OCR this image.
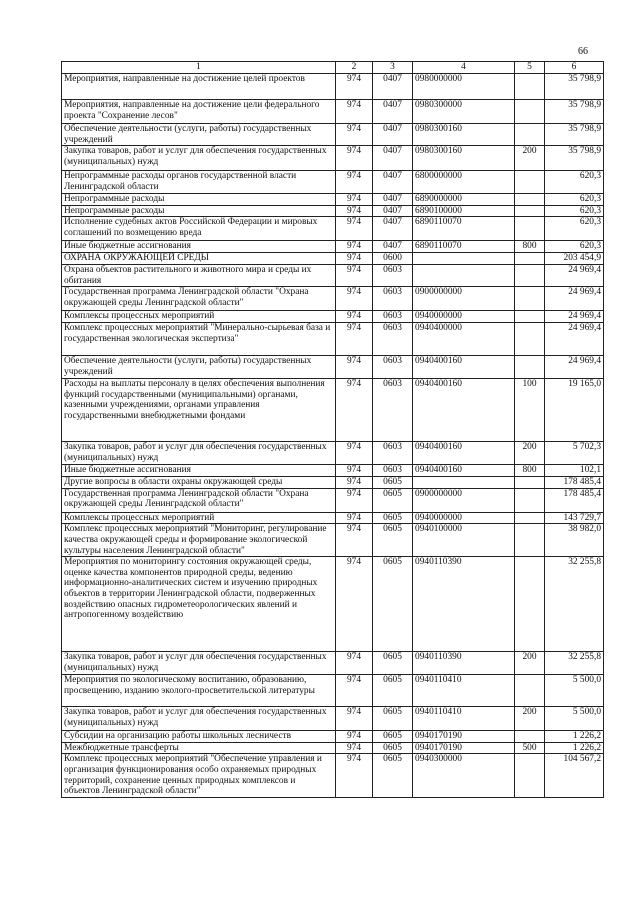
66
1	2	3	4	5	6
Мероприятия, направленные на достижение целей проектов	974	0407	0980000000		35 798,9
Мероприятия, направленные на достижение цели федерального проекта "Сохранение лесов"	974	0407	0980300000		35 798,9
Обеспечение деятельности (услуги, работы) государственных учреждений	974	0407	0980300160		35 798,9
Закупка товаров, работ и услуг для обеспечения государственных (муниципальных) нужд	974	0407	0980300160	200	35 798,9
Непрограммные расходы органов государственной власти Ленинградской области	974	0407	6800000000		620,3
Непрограммные расходы	974	0407	6890000000		620,3
Непрограммные расходы	974	0407	6890100000		620,3
Исполнение судебных актов Российской Федерации и мировых соглашений по возмещению вреда	974	0407	6890110070		620,3
Иные бюджетные ассигнования	974	0407	6890110070	800	620,3
ОХРАНА ОКРУЖАЮЩЕЙ СРЕДЫ	974	0600			203 454,9
Охрана объектов растительного и животного мира и среды их обитания	974	0603			24 969,4
Государственная программа Ленинградской области "Охрана окружающей среды Ленинградской области"	974	0603	0900000000		24 969,4
Комплексы процессных мероприятий	974	0603	0940000000		24 969,4
Комплекс процессных мероприятий "Минерально-сырьевая база и государственная экологическая экспертиза"	974	0603	0940400000		24 969,4
Обеспечение деятельности (услуги, работы) государственных учреждений	974	0603	0940400160		24 969,4
Расходы на выплаты персоналу в целях обеспечения выполнения функций государственными (муниципальными) органами, казенными учреждениями, органами управления государственными внебюджетными фондами	974	0603	0940400160	100	19 165,0
Закупка товаров, работ и услуг для обеспечения государственных (муниципальных) нужд	974	0603	0940400160	200	5 702,3
Иные бюджетные ассигнования	974	0603	0940400160	800	102,1
Другие вопросы в области охраны окружающей среды	974	0605			178 485,4
Государственная программа Ленинградской области "Охрана окружающей среды Ленинградской области"	974	0605	0900000000		178 485,4
Комплексы процессных мероприятий	974	0605	0940000000		143 729,7
Комплекс процессных мероприятий "Мониторинг, регулирование качества окружающей среды и формирование экологической культуры населения Ленинградской области"	974	0605	0940100000		38 982,0
Мероприятия по мониторингу состояния окружающей среды, оценке качества компонентов природной среды, ведению информационно-аналитических систем и изучению природных объектов в территории Ленинградской области, подверженных воздействию опасных гидрометеорологических явлений и антропогенному воздействию	974	0605	0940110390		32 255,8
Закупка товаров, работ и услуг для обеспечения государственных (муниципальных) нужд	974	0605	0940110390	200	32 255,8
Мероприятия по экологическому воспитанию, образованию, просвещению, изданию эколого-просветительской литературы	974	0605	0940110410		5 500,0
Закупка товаров, работ и услуг для обеспечения государственных (муниципальных) нужд	974	0605	0940110410	200	5 500,0
Субсидии на организацию работы школьных лесничеств	974	0605	0940170190		1 226,2
Межбюджетные трансферты	974	0605	0940170190	500	1 226,2
Комплекс процессных мероприятий "Обеспечение управления и организация функционирования особо охраняемых природных территорий, сохранение ценных природных комплексов и объектов Ленинградской области"	974	0605	0940300000		104 567,2
